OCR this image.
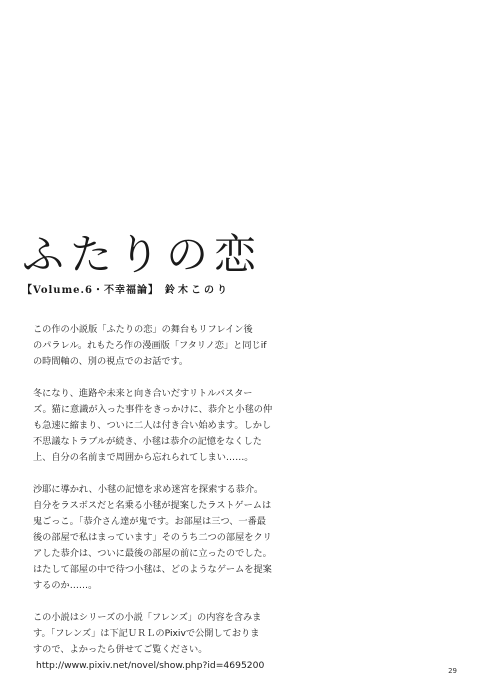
ふたりの恋
【Volume.6・不幸福論】 鈴木このり
この作の小説版「ふたりの恋」の舞台もリフレイン後
のパラレル。れもたろ作の漫画版「フタリノ恋」と同じif
の時間軸の、別の視点でのお話です。
冬になり、進路や未来と向き合いだすリトルバスター
ズ。猫に意識が入った事件をきっかけに、恭介と小毬の仲
も急速に縮まり、ついに二人は付き合い始めます。しかし
不思議なトラブルが続き、小毬は恭介の記憶をなくした
上、自分の名前まで周囲から忘れられてしまい……。
沙耶に導かれ、小毬の記憶を求め迷宮を探索する恭介。
自分をラスボスだと名乗る小毬が提案したラストゲームは
鬼ごっこ。「恭介さん達が鬼です。お部屋は三つ、一番最
後の部屋で私はまっています」そのうち二つの部屋をクリ
アした恭介は、ついに最後の部屋の前に立ったのでした。
はたして部屋の中で待つ小毬は、どのようなゲームを提案
するのか……。
この小説はシリーズの小説「フレンズ」の内容を含みま
す。「フレンズ」は下記ＵＲＬのPixivで公開しておりま
すので、よかったら併せてご覧ください。
http://www.pixiv.net/novel/show.php?id=4695200	29
